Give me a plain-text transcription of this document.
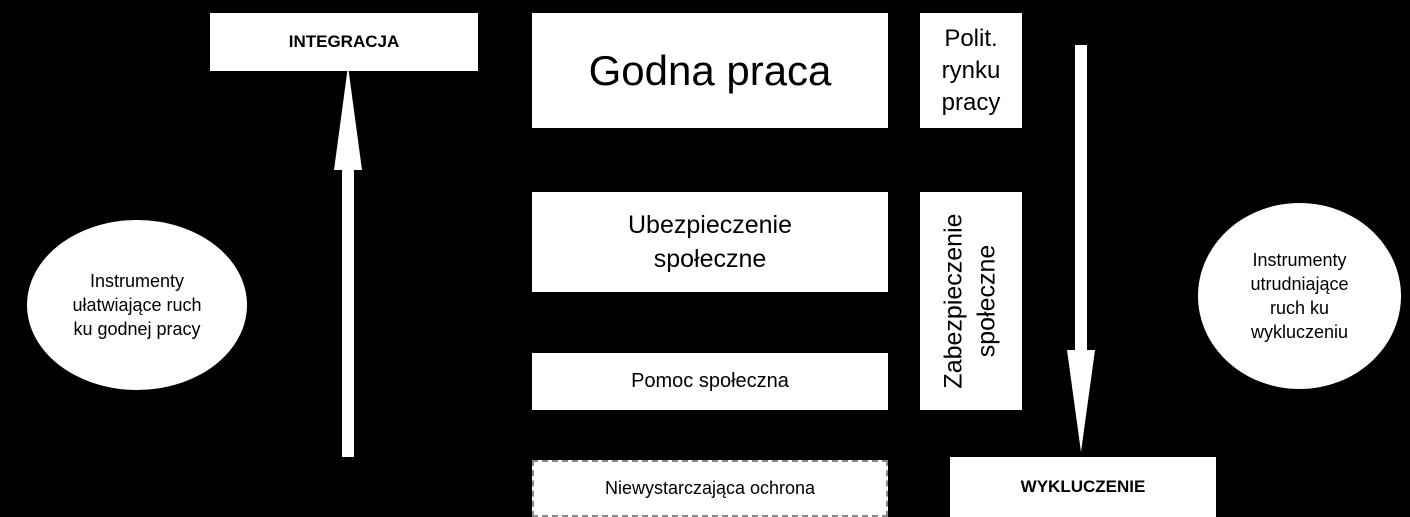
INTEGRACJA
Godna praca
Polit.
rynku
pracy
Ubezpieczenie
społeczne	Zabezpieczenie społeczne
Pomoc społeczna
Niewystarczająca ochrona	WYKLUCZENIE
Instrumenty
ułatwiające ruch
ku godnej pracy
Instrumenty
utrudniające
ruch ku
wykluczeniu
